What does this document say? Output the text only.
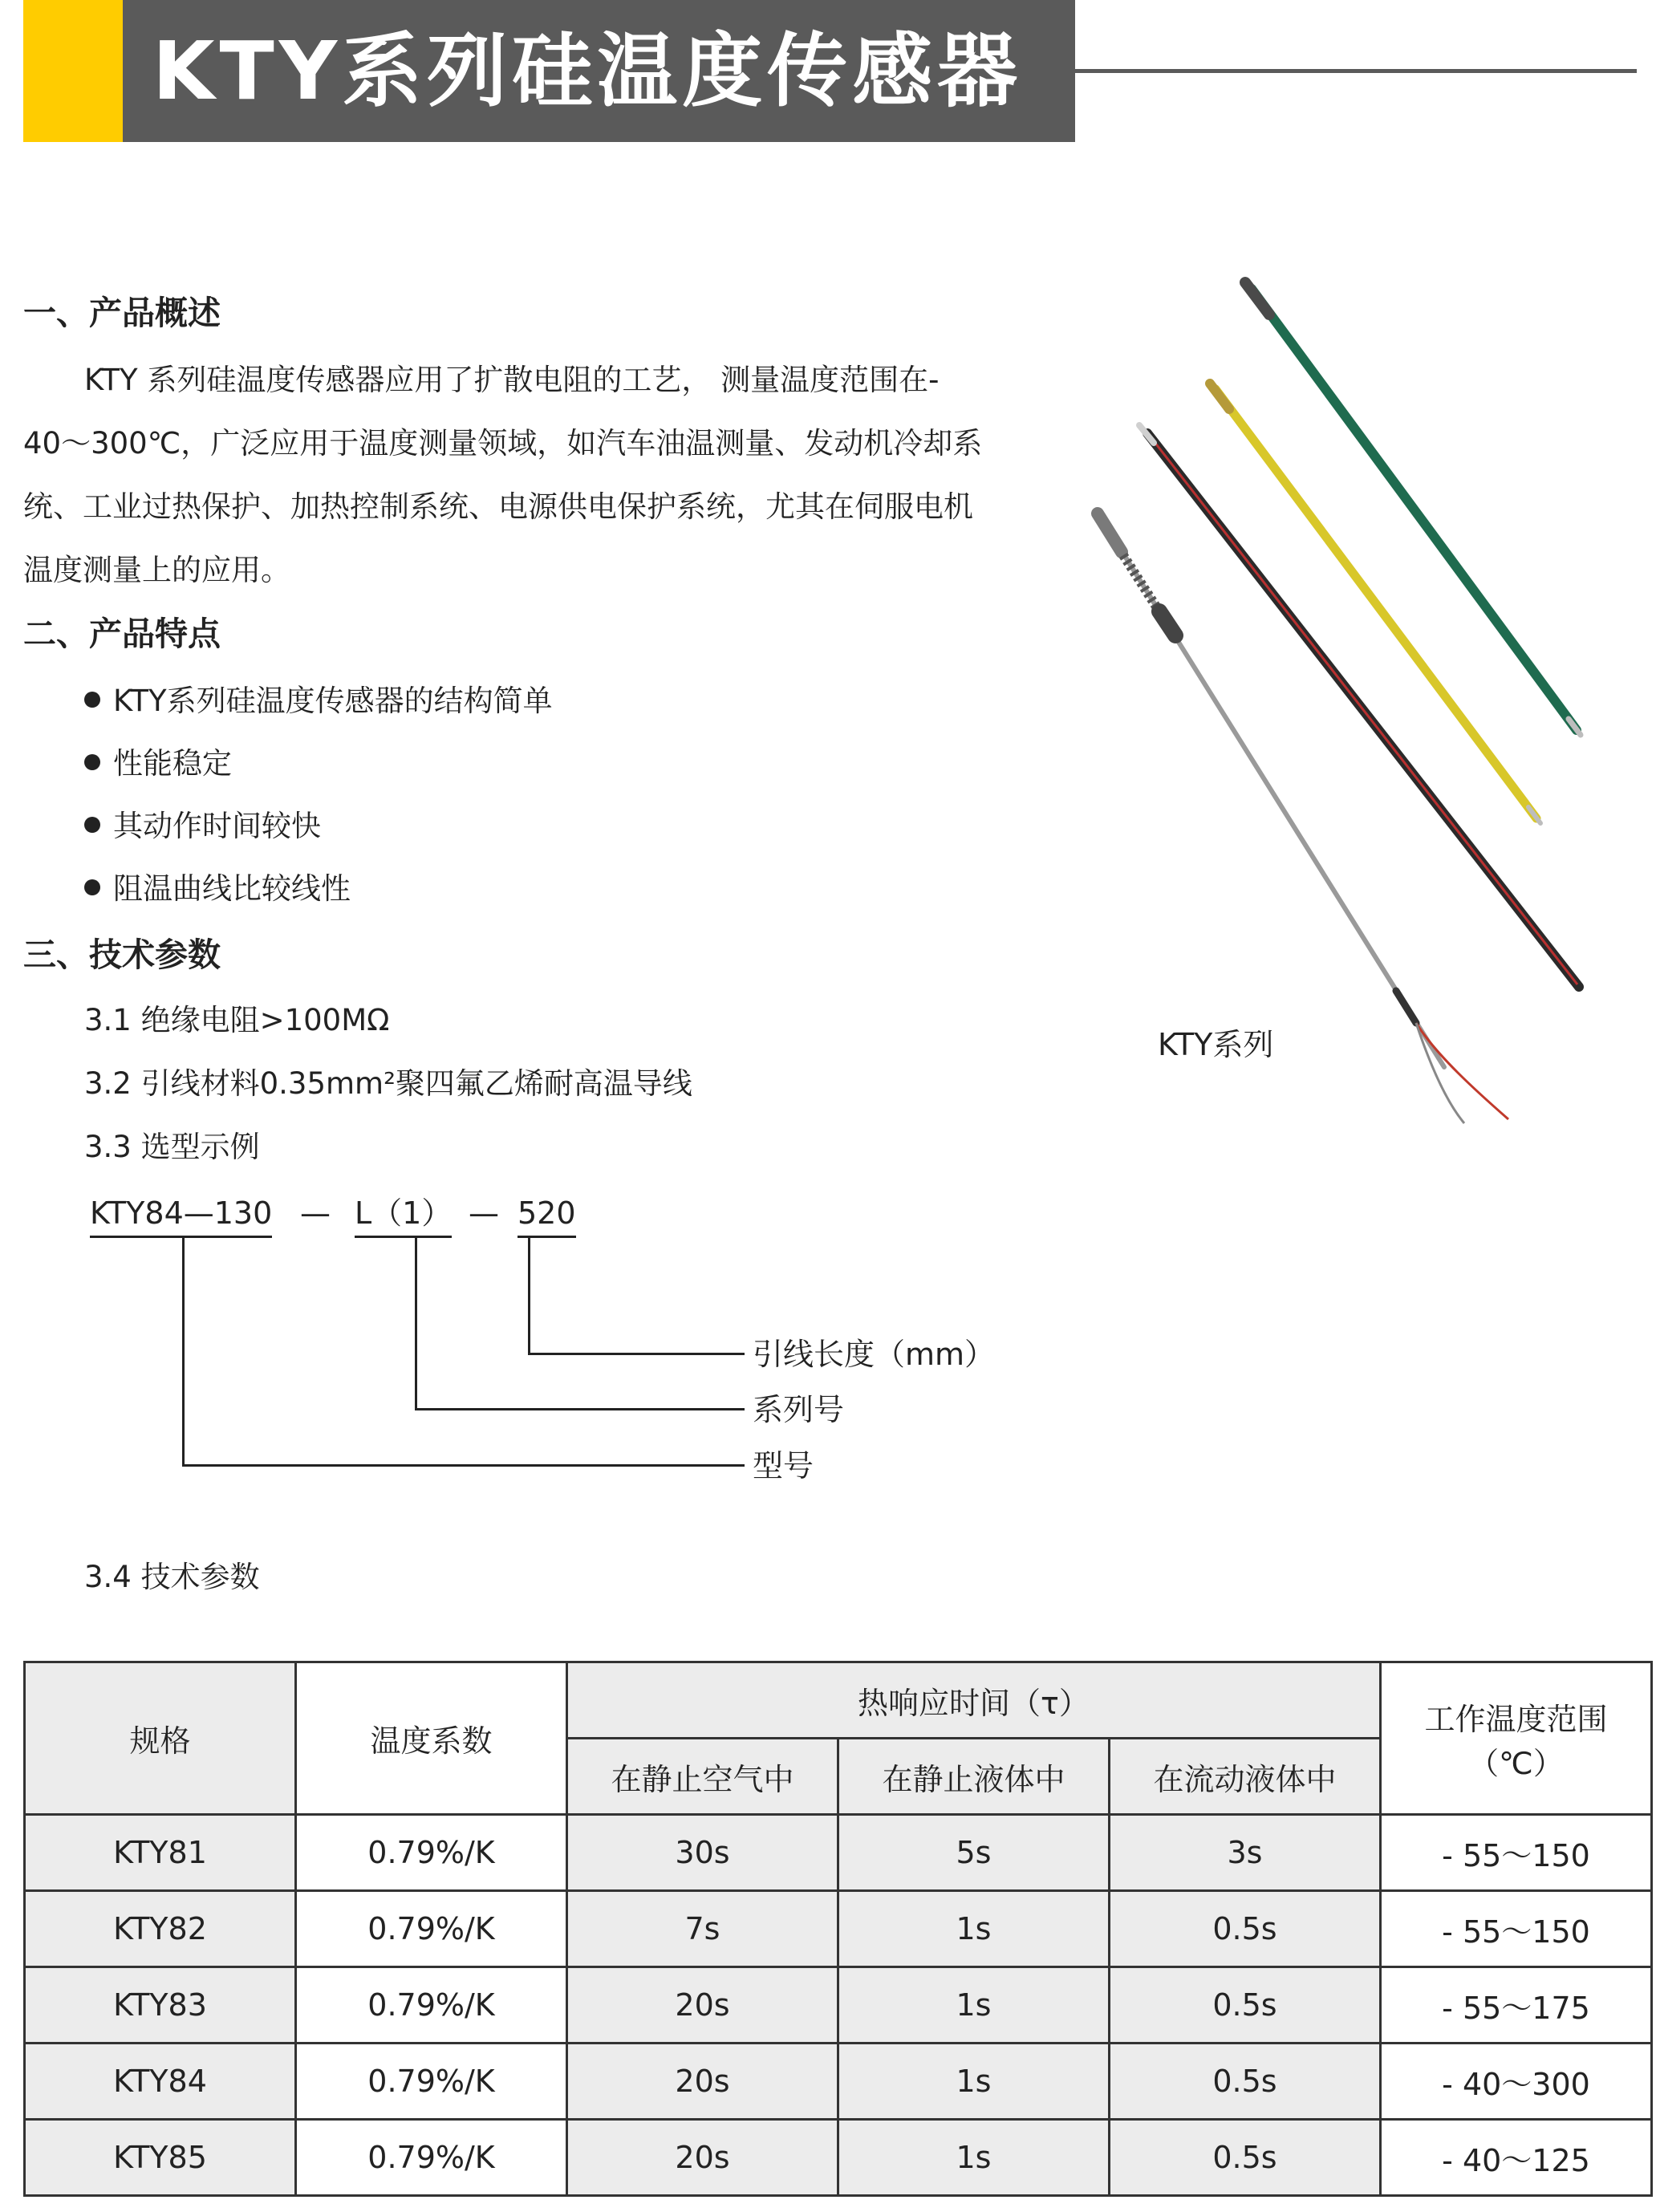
KTY系列硅温度传感器
一、产品概述
KTY 系列硅温度传感器应用了扩散电阻的工艺， 测量温度范围在-
40～300℃，广泛应用于温度测量领域，如汽车油温测量、发动机冷却系
统、工业过热保护、加热控制系统、电源供电保护系统，尤其在伺服电机
温度测量上的应用。
二、产品特点
KTY系列硅温度传感器的结构简单
性能稳定
其动作时间较快
阻温曲线比较线性
三、技术参数
3.1 绝缘电阻>100MΩ
3.2 引线材料0.35mm²聚四氟乙烯耐高温导线
3.3 选型示例
KTY84—130 — L（1） — 520
引线长度（mm）
系列号
型号
3.4 技术参数
KTY系列
规格	温度系数	热响应时间（τ）			工作温度范围
（℃）

		在静止空气中	在静止液体中	在流动液体中	
KTY81	0.79%/K	30s	5s	3s	- 55～150
KTY82	0.79%/K	7s	1s	0.5s	- 55～150
KTY83	0.79%/K	20s	1s	0.5s	- 55～175
KTY84	0.79%/K	20s	1s	0.5s	- 40～300
KTY85	0.79%/K	20s	1s	0.5s	- 40～125
